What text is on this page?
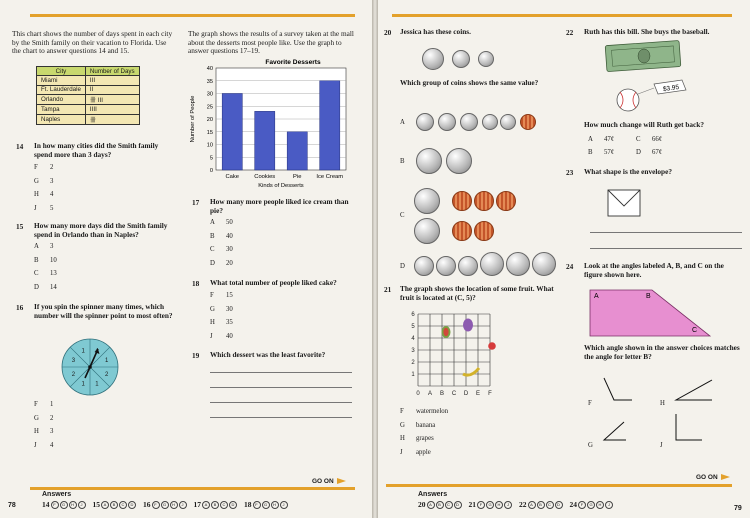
This chart shows the number of days spent in each city by the Smith family on their vacation to Florida. Use the chart to answer questions 14 and 15.
City	Number of Days
Miami	III
Ft. Lauderdale	II
Orlando	卌 III
Tampa	IIII
Naples	卌
14 In how many cities did the Smith family spend more than 3 days?
F 2
G 3
H 4
J 5
15 How many more days did the Smith family spend in Orlando than in Naples?
A 3
B 10
C 13
D 14
16 If you spin the spinner many times, which number will the spinner point to most often?
1
2
1
1
2
3
1
F 1
G 2
H 3
J 4
The graph shows the results of a survey taken at the mall about the desserts most people like. Use the graph to answer questions 17–19.
Favorite Desserts
0
5
10
15
20
25
30
35
40
Cake	Cookies	Pie	Ice Cream
Number of People
Kinds of Desserts
17 How many more people liked ice cream than pie?
A 50
B 40
C 30
D 20
18 What total number of people liked cake?
F 15
G 30
H 35
J 40
19 Which dessert was the least favorite?
GO ON
Answers
14 F G H J 15 A B C D 16 F G H J 17 A B C D 18 F G H J
78
20 Jessica has these coins.
Which group of coins shows the same value?
A
B
C
D
21 The graph shows the location of some fruit. What fruit is located at (C, 5)?
0 A B C D E F
1
2
3
4
5
6
F watermelon
G banana
H grapes
J apple
22 Ruth has this bill. She buys the baseball.
$3.95
How much change will Ruth get back?
A 47¢
B 57¢
C 66¢
D 67¢
23 What shape is the envelope?
24 Look at the angles labeled A, B, and C on the figure shown here.
A	B
C
Which angle shown in the answer choices matches the angle for letter B?
F	H
G	J
GO ON
Answers
20 A B C D 21 F G H J 22 A B C D 24 F G H J
79
